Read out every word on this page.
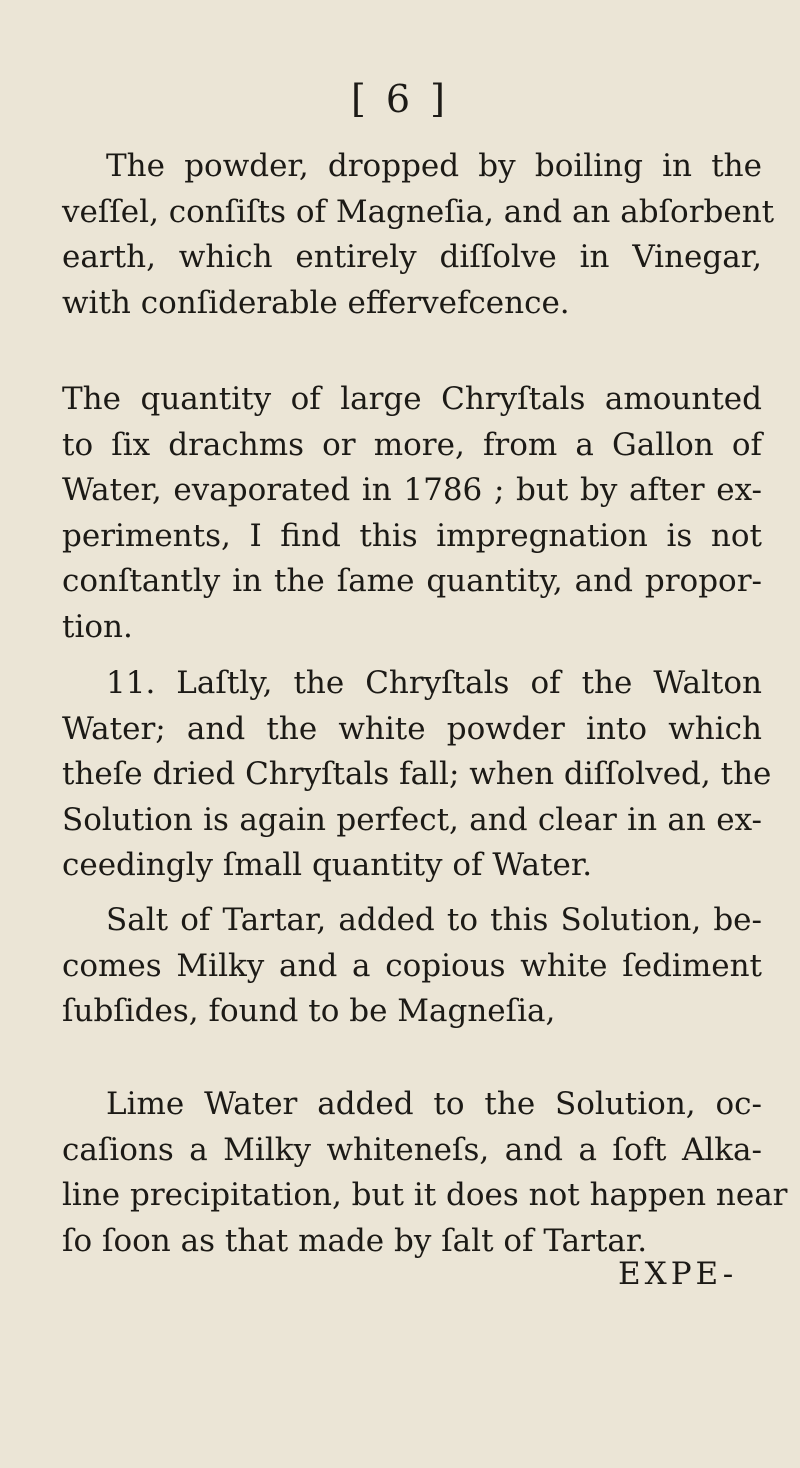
[ 6 ]
The powder, dropped by boiling in the
veſſel, conſiſts of Magneſia, and an abſorbent
earth, which entirely diſſolve in Vinegar,
with conſiderable effervefcence.
The quantity of large Chryſtals amounted
to ſix drachms or more, from a Gallon of
Water, evaporated in 1786 ; but by after ex-
periments, I find this impregnation is not
conſtantly in the ſame quantity, and propor-
tion.
11. Laſtly, the Chryſtals of the Walton
Water; and the white powder into which
theſe dried Chryſtals fall; when diſſolved, the
Solution is again perfect, and clear in an ex-
ceedingly ſmall quantity of Water.
Salt of Tartar, added to this Solution, be-
comes Milky and a copious white ſediment
ſubſides, found to be Magneſia,
Lime Water added to the Solution, oc-
caſions a Milky whiteneſs, and a ſoft Alka-
line precipitation, but it does not happen near
ſo ſoon as that made by ſalt of Tartar.
EXPE-
